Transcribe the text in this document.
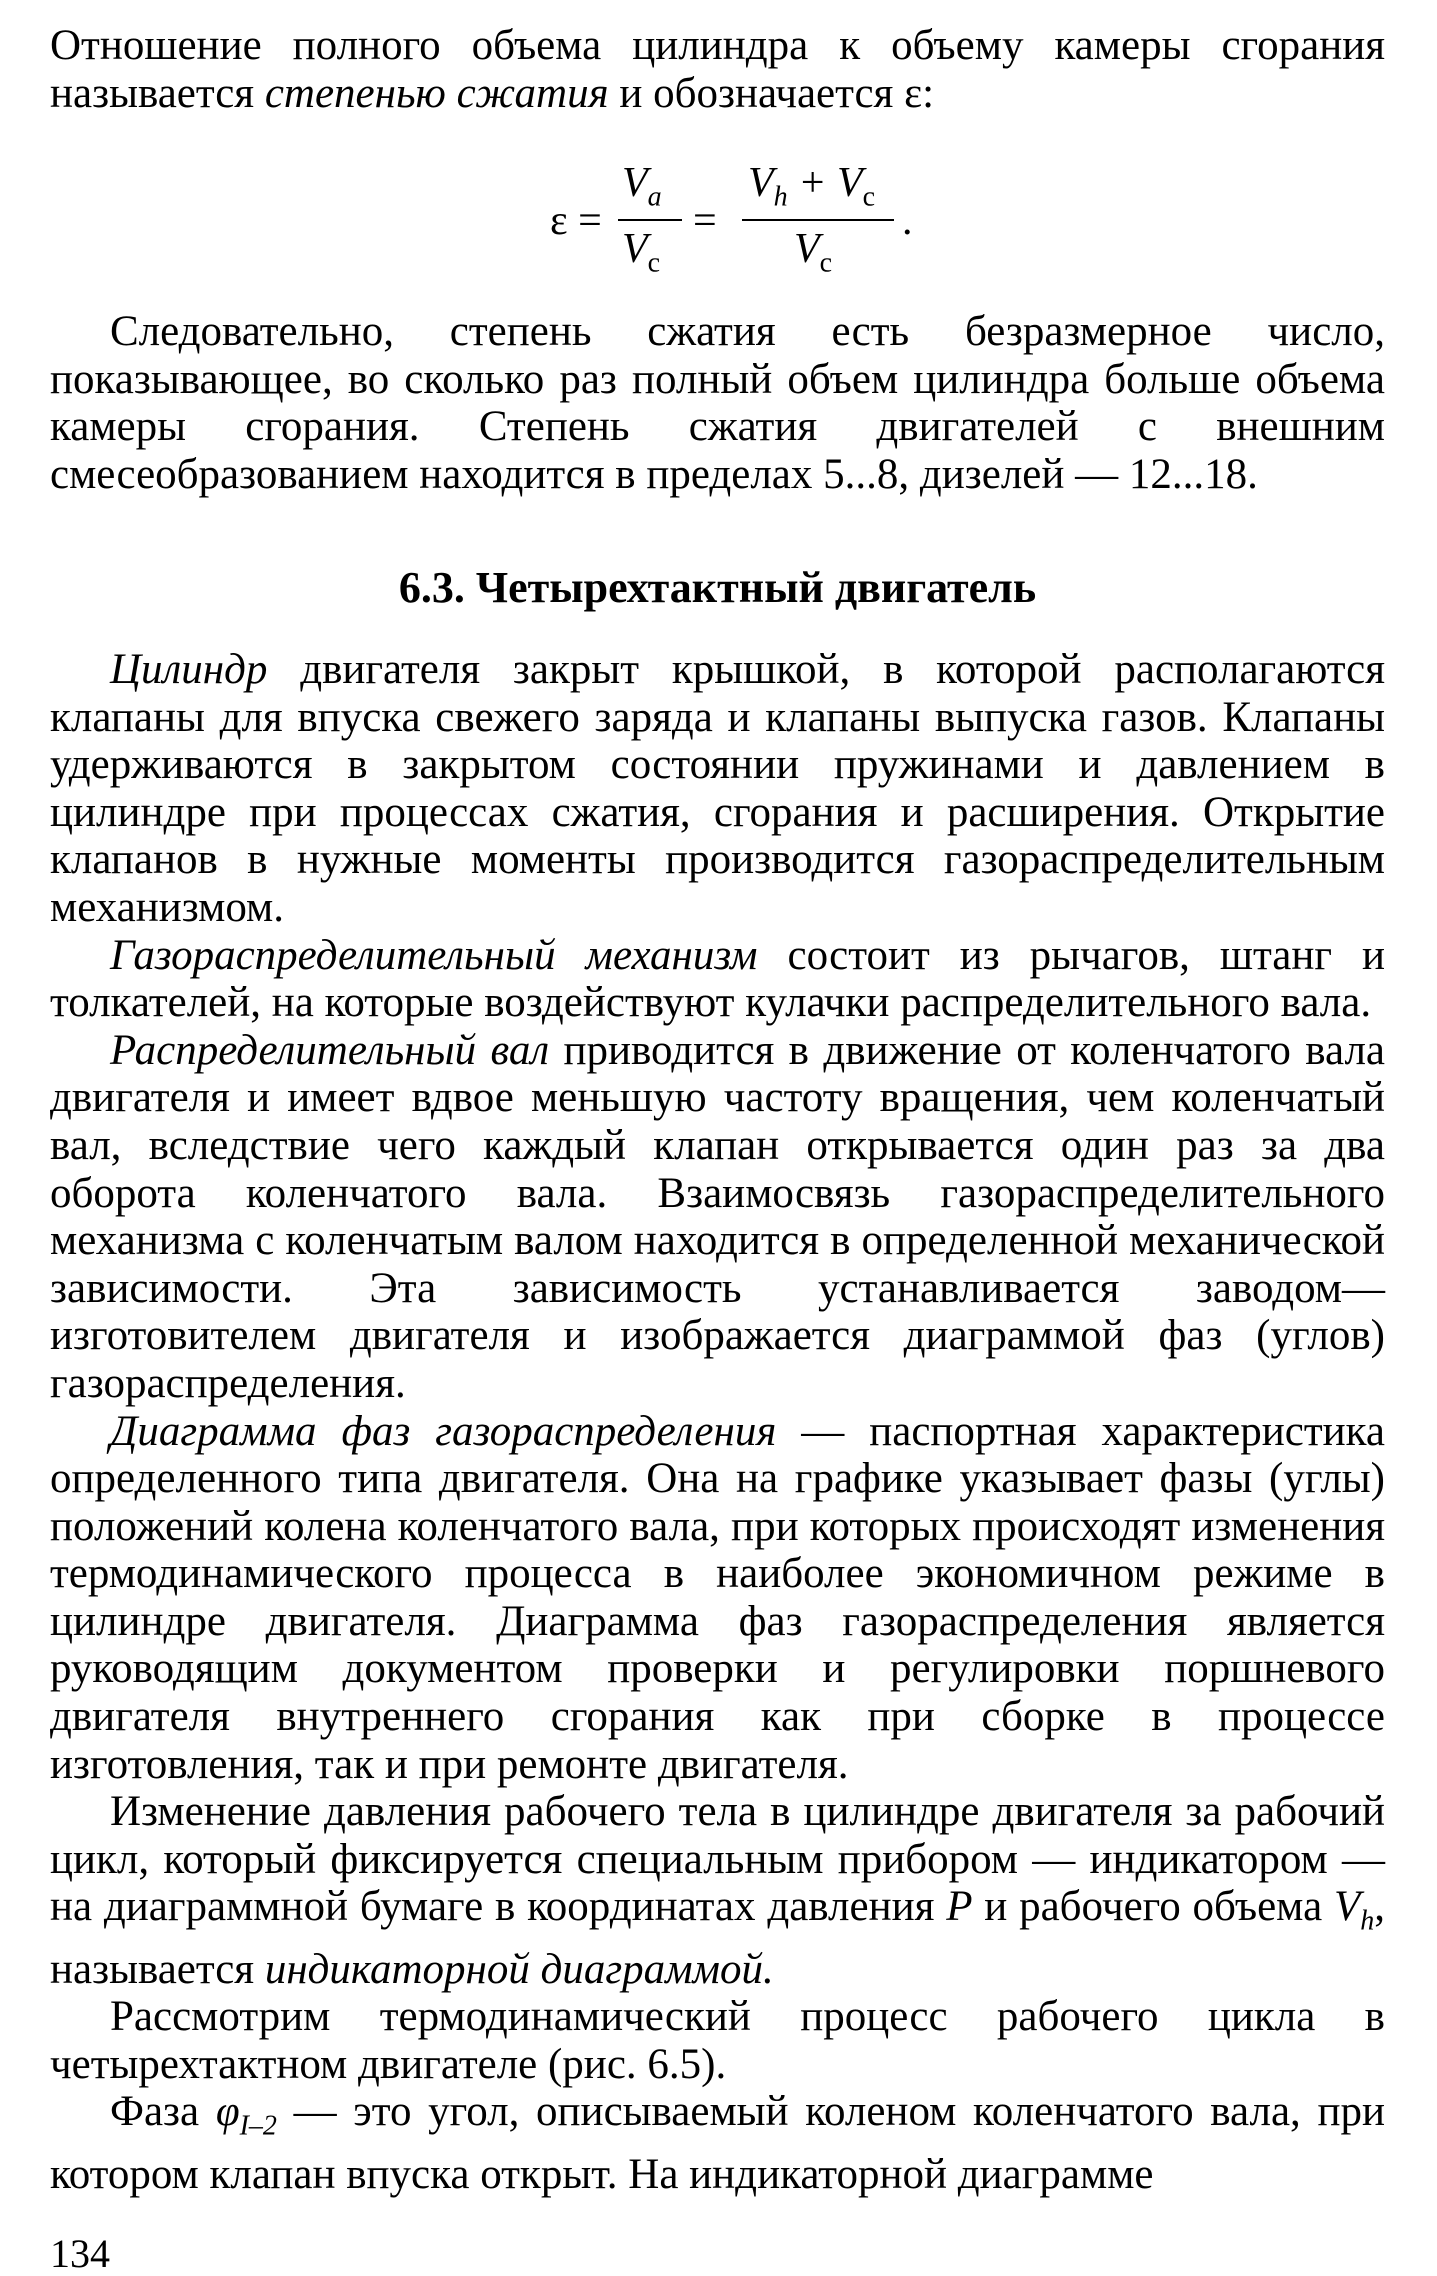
Отношение полного объема цилиндра к объему камеры сгорания называется степенью сжатия и обозначается ε:

ε =
$V_a$
$V_c$
=
$V_h + V_c$
$V_c$
.

Следовательно, степень сжатия есть безразмерное число, показывающее, во сколько раз полный объем цилиндра больше объема камеры сгорания. Степень сжатия двигателей с внешним смесеобразованием находится в пределах 5...8, дизелей — 12...18.

6.3. Четырехтактный двигатель

Цилиндр двигателя закрыт крышкой, в которой располагаются клапаны для впуска свежего заряда и клапаны выпуска газов. Клапаны удерживаются в закрытом состоянии пружинами и давлением в цилиндре при процессах сжатия, сгорания и расширения. Открытие клапанов в нужные моменты производится газораспределительным механизмом.

Газораспределительный механизм состоит из рычагов, штанг и толкателей, на которые воздействуют кулачки распределительного вала.

Распределительный вал приводится в движение от коленчатого вала двигателя и имеет вдвое меньшую частоту вращения, чем коленчатый вал, вследствие чего каждый клапан открывается один раз за два оборота коленчатого вала. Взаимосвязь газораспределительного механизма с коленчатым валом находится в определенной механической зависимости. Эта зависимость устанавливается заводом—изготовителем двигателя и изображается диаграммой фаз (углов) газораспределения.

Диаграмма фаз газораспределения — паспортная характеристика определенного типа двигателя. Она на графике указывает фазы (углы) положений колена коленчатого вала, при которых происходят изменения термодинамического процесса в наиболее экономичном режиме в цилиндре двигателя. Диаграмма фаз газораспределения является руководящим документом проверки и регулировки поршневого двигателя внутреннего сгорания как при сборке в процессе изготовления, так и при ремонте двигателя.

Изменение давления рабочего тела в цилиндре двигателя за рабочий цикл, который фиксируется специальным прибором — индикатором — на диаграммной бумаге в координатах давления P и рабочего объема $V_h$, называется индикаторной диаграммой.

Рассмотрим термодинамический процесс рабочего цикла в четырехтактном двигателе (рис. 6.5).

Фаза $\varphi_{I-2}$ — это угол, описываемый коленом коленчатого вала, при котором клапан впуска открыт. На индикаторной диаграмме

134
